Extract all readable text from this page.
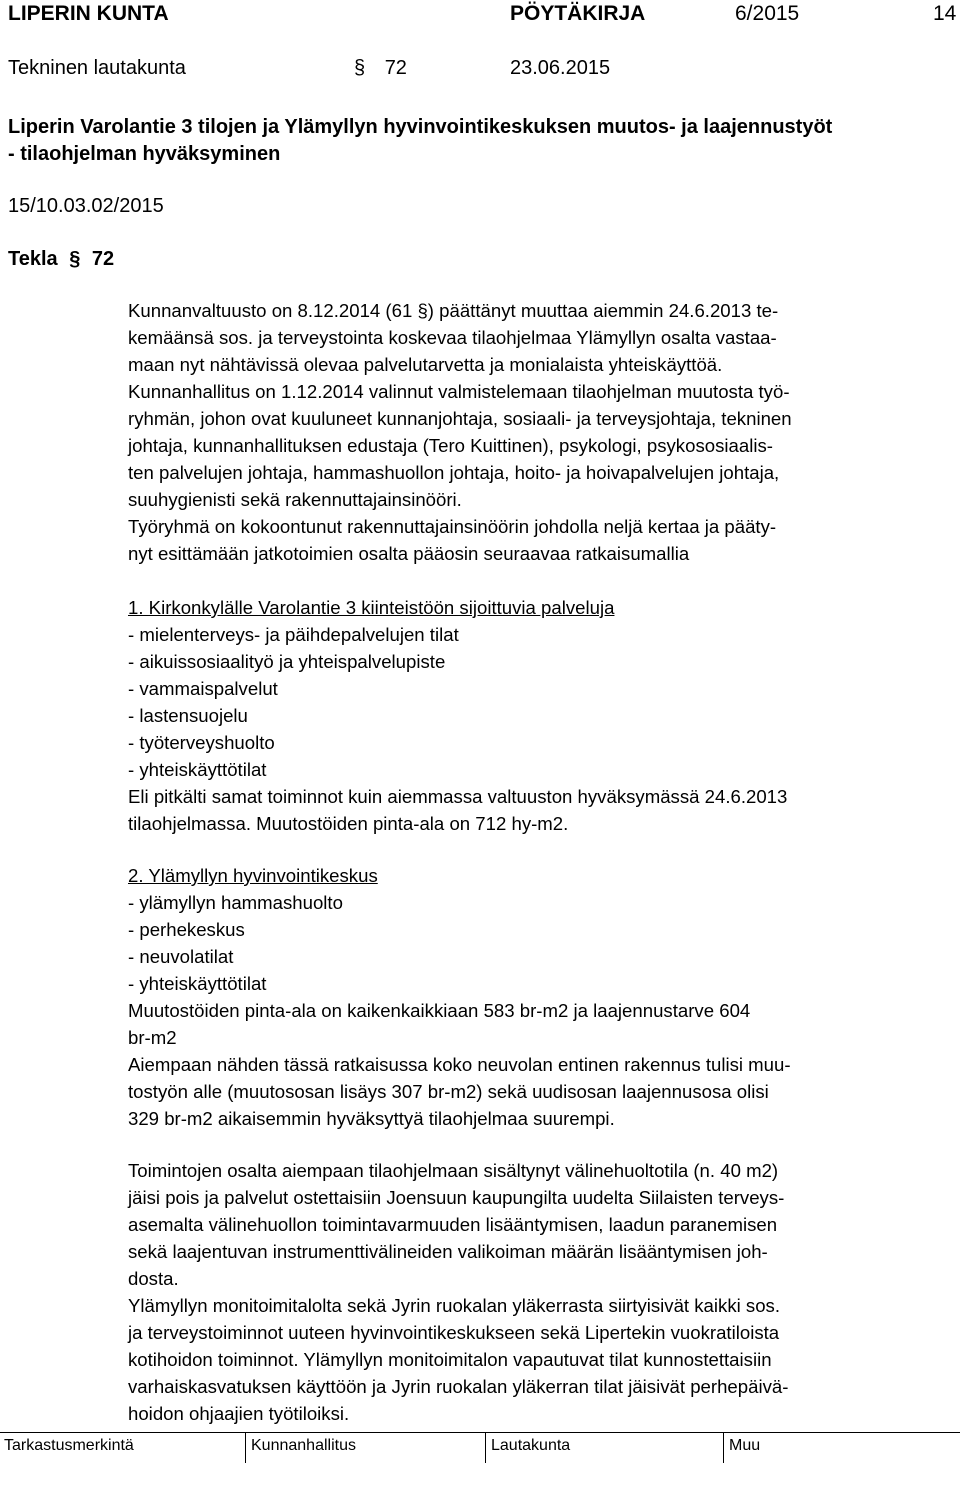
LIPERIN KUNTA	PÖYTÄKIRJA	6/2015	14
Tekninen lautakunta	§ 72	23.06.2015
Liperin Varolantie 3 tilojen ja Ylämyllyn hyvinvointikeskuksen muutos- ja laajennustyöt
- tilaohjelman hyväksyminen
15/10.03.02/2015
Tekla § 72
Kunnanvaltuusto on 8.12.2014 (61 §) päättänyt muuttaa aiemmin 24.6.2013 te-
kemäänsä sos. ja terveystointa koskevaa tilaohjelmaa Ylämyllyn osalta vastaa-
maan nyt nähtävissä olevaa palvelutarvetta ja monialaista yhteiskäyttöä.
Kunnanhallitus on 1.12.2014 valinnut valmistelemaan tilaohjelman muutosta työ-
ryhmän, johon ovat kuuluneet kunnanjohtaja, sosiaali- ja terveysjohtaja, tekninen
johtaja, kunnanhallituksen edustaja (Tero Kuittinen), psykologi, psykososiaalis-
ten palvelujen johtaja, hammashuollon johtaja, hoito- ja hoivapalvelujen johtaja,
suuhygienisti sekä rakennuttajainsinööri.
Työryhmä on kokoontunut rakennuttajainsinöörin johdolla neljä kertaa ja pääty-
nyt esittämään jatkotoimien osalta pääosin seuraavaa ratkaisumallia
1. Kirkonkylälle Varolantie 3 kiinteistöön sijoittuvia palveluja
- mielenterveys- ja päihdepalvelujen tilat
- aikuissosiaalityö ja yhteispalvelupiste
- vammaispalvelut
- lastensuojelu
- työterveyshuolto
- yhteiskäyttötilat
Eli pitkälti samat toiminnot kuin aiemmassa valtuuston hyväksymässä 24.6.2013
tilaohjelmassa. Muutostöiden pinta-ala on 712 hy-m2.
2. Ylämyllyn hyvinvointikeskus
- ylämyllyn hammashuolto
- perhekeskus
- neuvolatilat
- yhteiskäyttötilat
Muutostöiden pinta-ala on kaikenkaikkiaan 583 br-m2 ja laajennustarve 604
br-m2
Aiempaan nähden tässä ratkaisussa koko neuvolan entinen rakennus tulisi muu-
tostyön alle (muutososan lisäys 307 br-m2) sekä uudisosan laajennusosa olisi
329 br-m2 aikaisemmin hyväksyttyä tilaohjelmaa suurempi.
Toimintojen osalta aiempaan tilaohjelmaan sisältynyt välinehuoltotila (n. 40 m2)
jäisi pois ja palvelut ostettaisiin Joensuun kaupungilta uudelta Siilaisten terveys-
asemalta välinehuollon toimintavarmuuden lisääntymisen, laadun paranemisen
sekä laajentuvan instrumenttivälineiden valikoiman määrän lisääntymisen joh-
dosta.
Ylämyllyn monitoimitalolta sekä Jyrin ruokalan yläkerrasta siirtyisivät kaikki sos.
ja terveystoiminnot uuteen hyvinvointikeskukseen sekä Lipertekin vuokratiloista
kotihoidon toiminnot. Ylämyllyn monitoimitalon vapautuvat tilat kunnostettaisiin
varhaiskasvatuksen käyttöön ja Jyrin ruokalan yläkerran tilat jäisivät perhepäivä-
hoidon ohjaajien työtiloiksi.
Tarkastusmerkintä	Kunnanhallitus	Lautakunta	Muu
